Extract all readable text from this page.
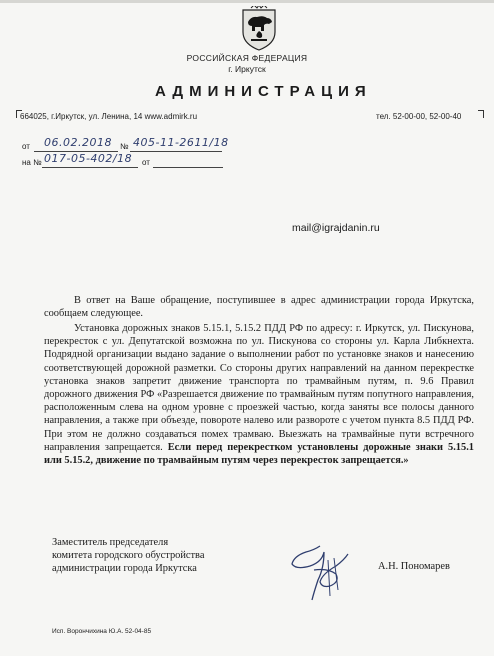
РОССИЙСКАЯ ФЕДЕРАЦИЯ
г. Иркутск
АДМИНИСТРАЦИЯ
664025, г.Иркутск, ул. Ленина, 14 www.admirk.ru	тел. 52-00-00, 52-00-40
от 06.02.2018 № 405-11-2611/18
на № 017-05-402/18 от
mail@igrajdanin.ru
В ответ на Ваше обращение, поступившее в адрес администрации города Иркутска, сообщаем следующее.
Установка дорожных знаков 5.15.1, 5.15.2 ПДД РФ по адресу: г. Иркутск, ул. Пискунова, перекресток с ул. Депутатской возможна по ул. Пискунова со стороны ул. Карла Либкнехта. Подрядной организации выдано задание о выполнении работ по установке знаков и нанесению соответствующей дорожной разметки. Со стороны других направлений на данном перекрестке установка знаков запретит движение транспорта по трамвайным путям, п. 9.6 Правил дорожного движения РФ «Разрешается движение по трамвайным путям попутного направления, расположенным слева на одном уровне с проезжей частью, когда заняты все полосы данного направления, а также при объезде, повороте налево или развороте с учетом пункта 8.5 ПДД РФ. При этом не должно создаваться помех трамваю. Выезжать на трамвайные пути встречного направления запрещается. Если перед перекрестком установлены дорожные знаки 5.15.1 или 5.15.2, движение по трамвайным путям через перекресток запрещается.»
Заместитель председателя
комитета городского обустройства
администрации города Иркутска	А.Н. Пономарев
Исп. Ворончихина Ю.А. 52-04-85
